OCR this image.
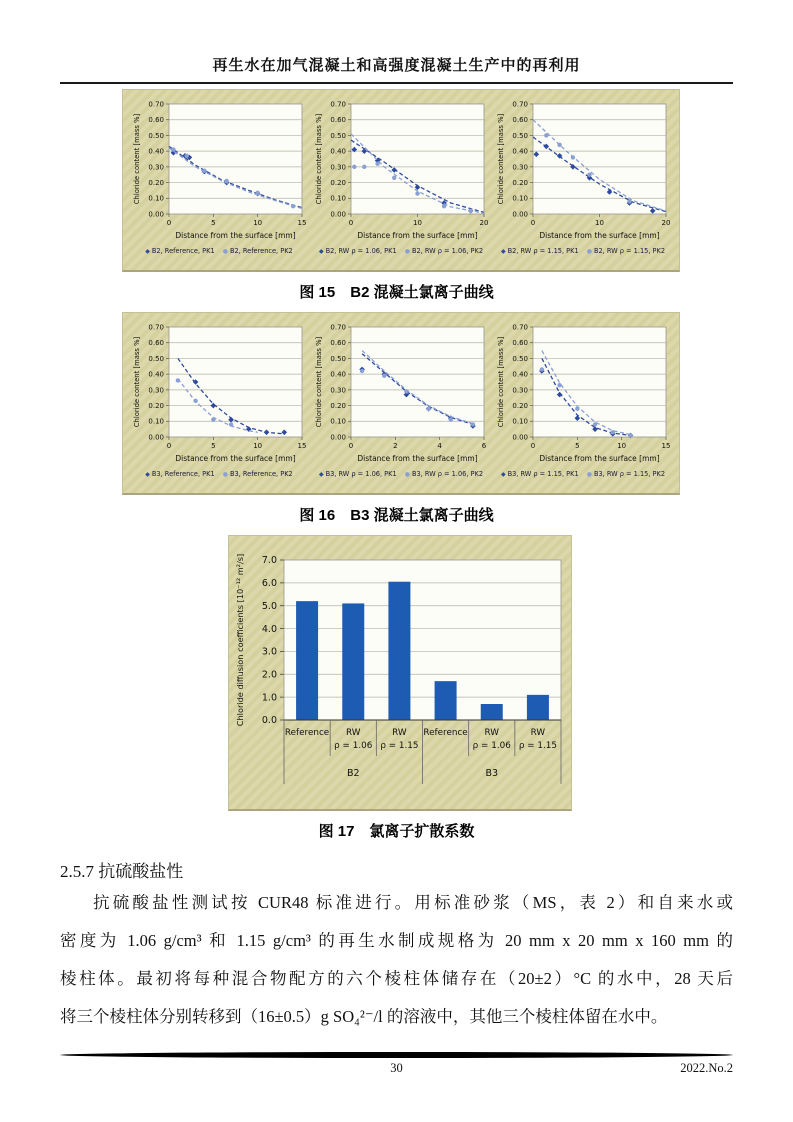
再生水在加气混凝土和高强度混凝土生产中的再利用
0.00
0.10
0.20
0.30
0.40
0.50
0.60
0.70
0	5	10	15
Chloride content [mass %]
Distance from the surface [mm]
◆ B2, Reference, PK1 ● B2, Reference, PK2
0.00
0.10
0.20
0.30
0.40
0.50
0.60
0.70
0	10	20
Chloride content [mass %]
Distance from the surface [mm]
◆ B2, RW ρ = 1.06, PK1 ● B2, RW ρ = 1.06, PK2
0.00
0.10
0.20
0.30
0.40
0.50
0.60
0.70
0	10	20
Chloride content [mass %]
Distance from the surface [mm]
◆ B2, RW ρ = 1.15, PK1 ● B2, RW ρ = 1.15, PK2
图 15　B2 混凝土氯离子曲线
0.00
0.10
0.20
0.30
0.40
0.50
0.60
0.70
0	5	10	15
Chloride content [mass %]
Distance from the surface [mm]
◆ B3, Reference, PK1 ● B3, Reference, PK2
0.00
0.10
0.20
0.30
0.40
0.50
0.60
0.70
0	2	4	6
Chloride content [mass %]
Distance from the surface [mm]
◆ B3, RW ρ = 1.06, PK1 ● B3, RW ρ = 1.06, PK2
0.00
0.10
0.20
0.30
0.40
0.50
0.60
0.70
0	5	10	15
Chloride content [mass %]
Distance from the surface [mm]
◆ B3, RW ρ = 1.15, PK1 ● B3, RW ρ = 1.15, PK2
图 16　B3 混凝土氯离子曲线
0.0
1.0
2.0
3.0
4.0
5.0
6.0
7.0
Chloride diffusion coefficients [10⁻¹² m²/s]
Reference RW
ρ = 1.06
RW
ρ = 1.15
Reference RW
ρ = 1.06
RW
ρ = 1.15
B2	B3
图 17　氯离子扩散系数
2.5.7 抗硫酸盐性
抗硫酸盐性测试按 CUR48 标准进行。用标准砂浆（MS，表 2）和自来水或
密度为 1.06 g/cm³ 和 1.15 g/cm³ 的再生水制成规格为 20 mm x 20 mm x 160 mm 的
棱柱体。最初将每种混合物配方的六个棱柱体储存在（20±2）°C 的水中，28 天后
将三个棱柱体分别转移到（16±0.5）g SO₄²⁻/l 的溶液中，其他三个棱柱体留在水中。
30	2022.No.2
